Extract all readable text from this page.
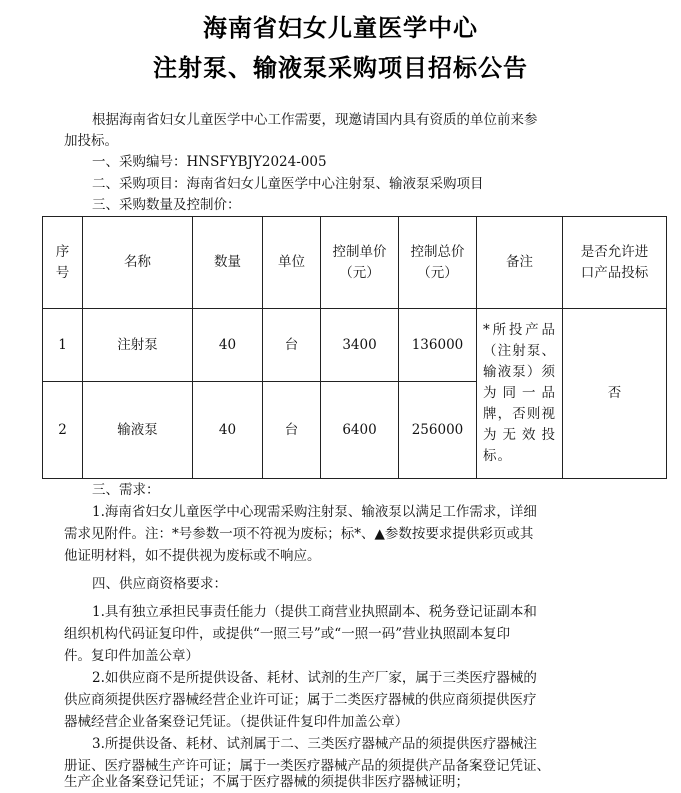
海南省妇女儿童医学中心
注射泵、输液泵采购项目招标公告
根据海南省妇女儿童医学中心工作需要，现邀请国内具有资质的单位前来参
加投标。
一、采购编号：HNSFYBJY2024-005
二、采购项目：海南省妇女儿童医学中心注射泵、输液泵采购项目
三、采购数量及控制价：
序号	名称	数量	单位	控制单价（元）	控制总价（元）	备注	是否允许进口产品投标
1	注射泵	40	台	3400	136000	*所投产品（注射泵、输液泵）须为同一品牌，否则视为无效投标。	否
2	输液泵	40	台	6400	256000		
三、需求：
1.海南省妇女儿童医学中心现需采购注射泵、输液泵以满足工作需求，详细
需求见附件。注：*号参数一项不符视为废标；标*、▲参数按要求提供彩页或其
他证明材料，如不提供视为废标或不响应。
四、供应商资格要求：
1.具有独立承担民事责任能力（提供工商营业执照副本、税务登记证副本和
组织机构代码证复印件，或提供“一照三号”或“一照一码”营业执照副本复印
件。复印件加盖公章）
2.如供应商不是所提供设备、耗材、试剂的生产厂家，属于三类医疗器械的
供应商须提供医疗器械经营企业许可证；属于二类医疗器械的供应商须提供医疗
器械经营企业备案登记凭证。（提供证件复印件加盖公章）
3.所提供设备、耗材、试剂属于二、三类医疗器械产品的须提供医疗器械注
册证、医疗器械生产许可证；属于一类医疗器械产品的须提供产品备案登记凭证、
生产企业备案登记凭证；不属于医疗器械的须提供非医疗器械证明；
